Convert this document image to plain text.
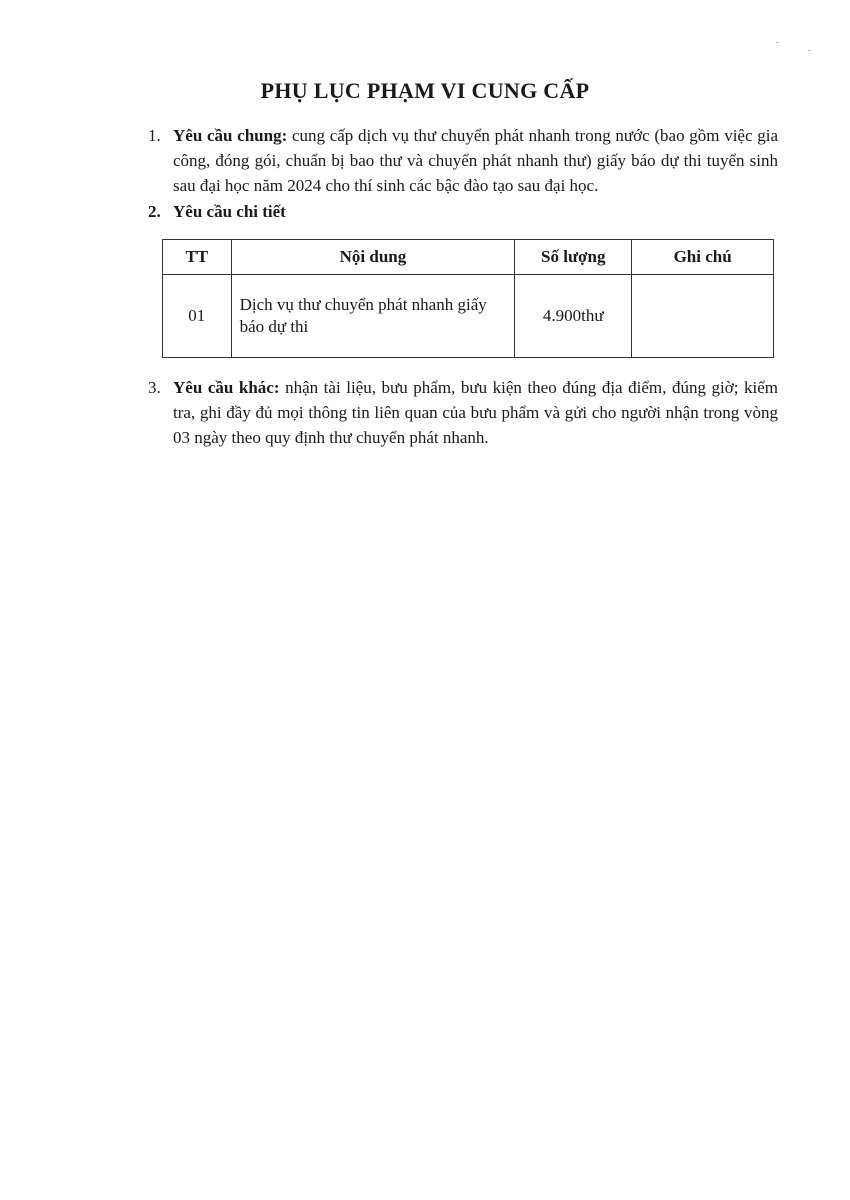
PHỤ LỤC PHẠM VI CUNG CẤP
1. Yêu cầu chung: cung cấp dịch vụ thư chuyển phát nhanh trong nước (bao gồm việc gia công, đóng gói, chuẩn bị bao thư và chuyển phát nhanh thư) giấy báo dự thi tuyển sinh sau đại học năm 2024 cho thí sinh các bậc đào tạo sau đại học.
2. Yêu cầu chi tiết
TT	Nội dung	Số lượng	Ghi chú
01	Dịch vụ thư chuyển phát nhanh giấy báo dự thi	4.900thư	
3. Yêu cầu khác: nhận tài liệu, bưu phẩm, bưu kiện theo đúng địa điểm, đúng giờ; kiểm tra, ghi đầy đủ mọi thông tin liên quan của bưu phẩm và gửi cho người nhận trong vòng 03 ngày theo quy định thư chuyển phát nhanh.
